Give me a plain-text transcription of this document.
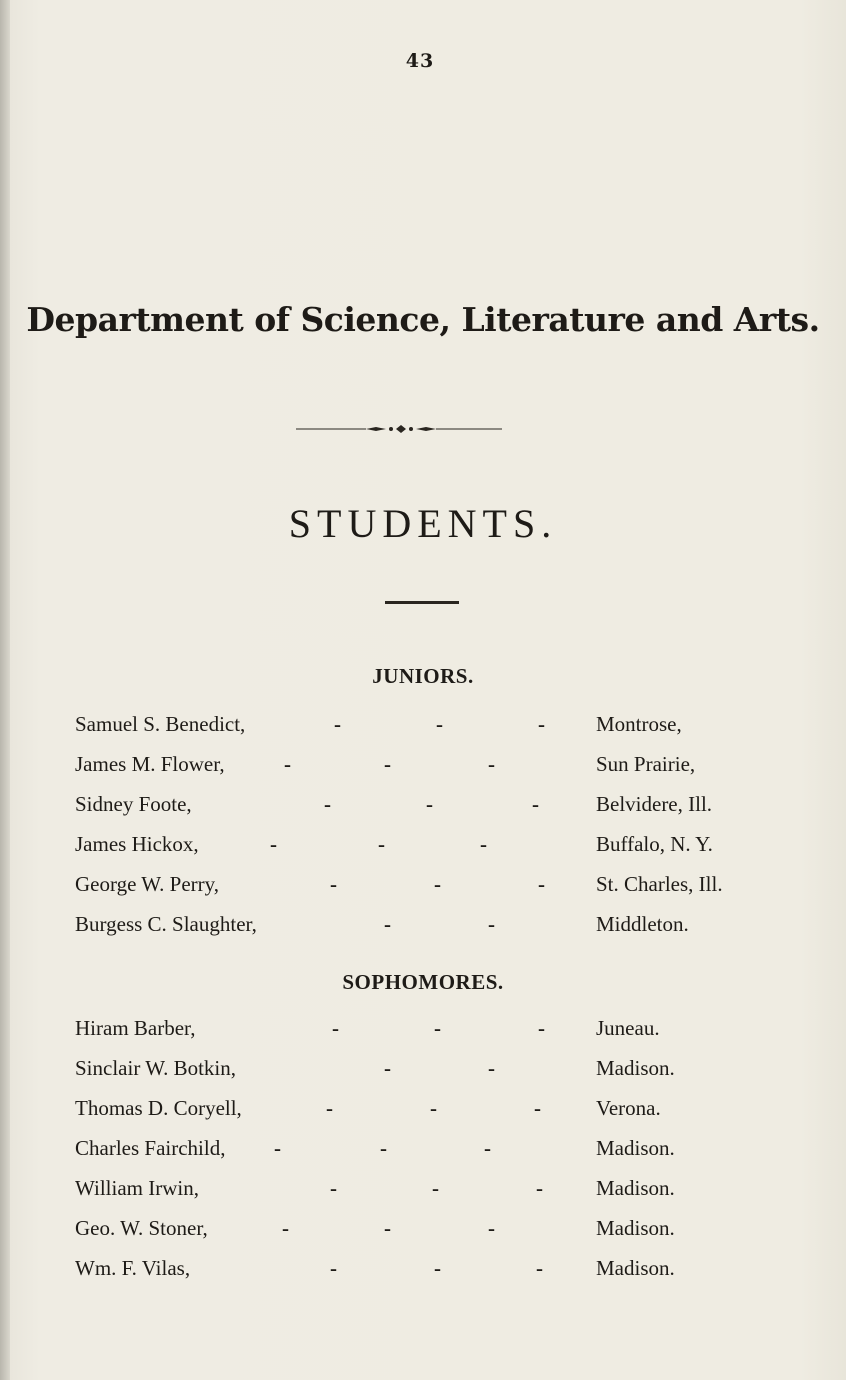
43
Department of Science, Literature and Arts.
STUDENTS.
JUNIORS.
Samuel S. Benedict,	-	-	- Montrose,
James M. Flower,	-	-	-	Sun Prairie,
Sidney Foote,	-	-	-	Belvidere, Ill.
James Hickox,	-	-	-	Buffalo, N. Y.
George W. Perry,	-	-	- St. Charles, Ill.
Burgess C. Slaughter,	-	-	Middleton.
SOPHOMORES.
Hiram Barber,	-	-	- Juneau.
Sinclair W. Botkin,	-	-	Madison.
Thomas D. Coryell,	-	-	-	Verona.
Charles Fairchild, -	-	-	Madison.
William Irwin,	-	-	-	Madison.
Geo. W. Stoner,	-	-	-	Madison.
Wm. F. Vilas,	-	-	-	Madison.
